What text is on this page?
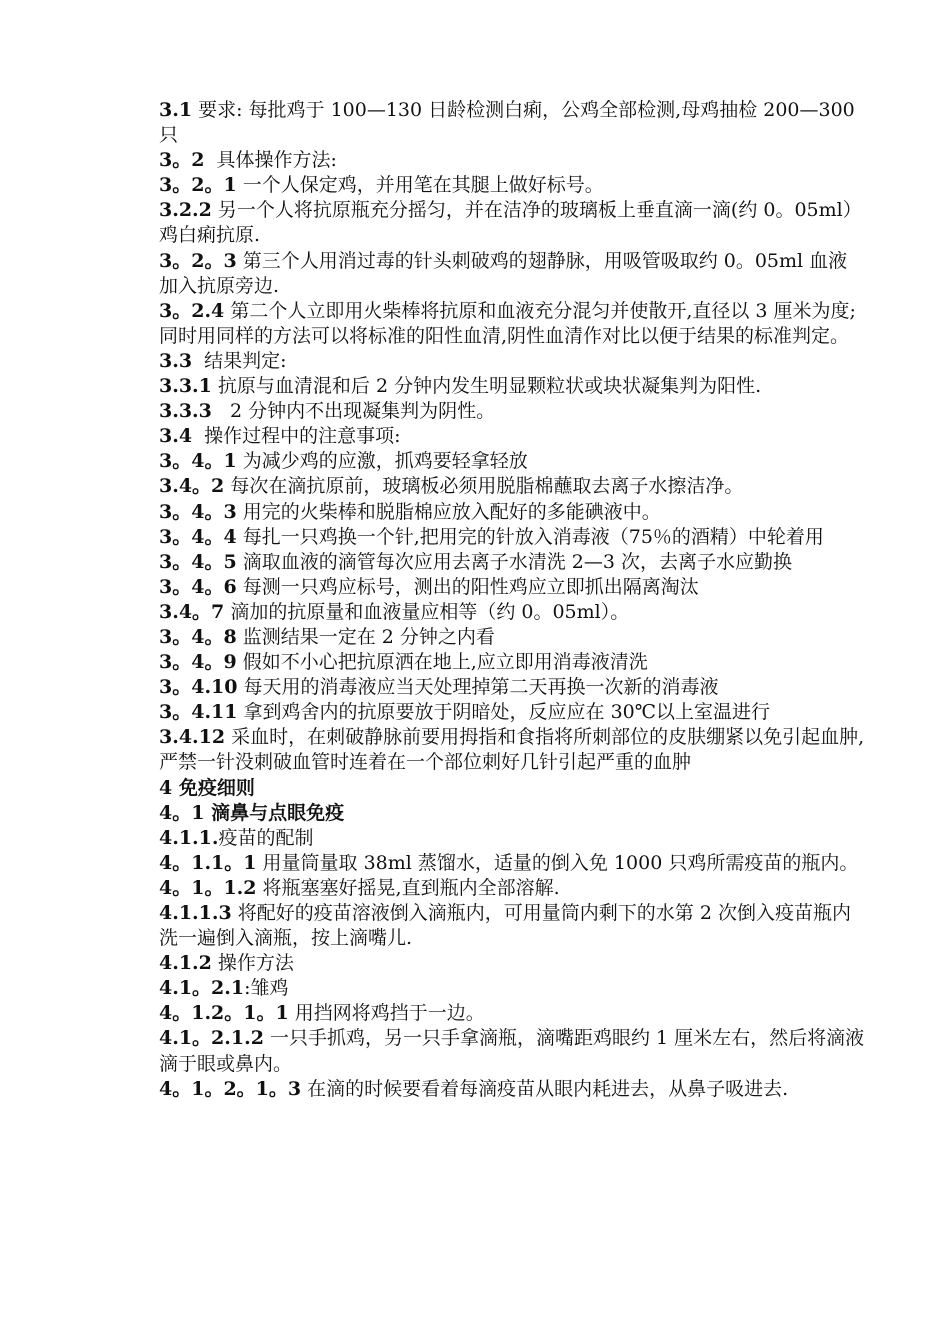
3.1 要求: 每批鸡于 100—130 日龄检测白痢，公鸡全部检测,母鸡抽检 200—300 只
3。2  具体操作方法:
3。2。1 一个人保定鸡，并用笔在其腿上做好标号。
3.2.2 另一个人将抗原瓶充分摇匀，并在洁净的玻璃板上垂直滴一滴(约 0。05ml）鸡白痢抗原.
3。2。3 第三个人用消过毒的针头刺破鸡的翅静脉，用吸管吸取约 0。05ml 血液加入抗原旁边.
3。2.4 第二个人立即用火柴棒将抗原和血液充分混匀并使散开,直径以 3 厘米为度;同时用同样的方法可以将标准的阳性血清,阴性血清作对比以便于结果的标准判定。
3.3  结果判定:
3.3.1 抗原与血清混和后 2 分钟内发生明显颗粒状或块状凝集判为阳性.
3.3.3   2 分钟内不出现凝集判为阴性。
3.4  操作过程中的注意事项:
3。4。1 为减少鸡的应激，抓鸡要轻拿轻放
3.4。2 每次在滴抗原前，玻璃板必须用脱脂棉蘸取去离子水擦洁净。
3。4。3 用完的火柴棒和脱脂棉应放入配好的多能碘液中。
3。4。4 每扎一只鸡换一个针,把用完的针放入消毒液（75％的酒精）中轮着用
3。4。5 滴取血液的滴管每次应用去离子水清洗 2—3 次，去离子水应勤换
3。4。6 每测一只鸡应标号，测出的阳性鸡应立即抓出隔离淘汰
3.4。7 滴加的抗原量和血液量应相等（约 0。05ml）。
3。4。8 监测结果一定在 2 分钟之内看
3。4。9 假如不小心把抗原洒在地上,应立即用消毒液清洗
3。4.10 每天用的消毒液应当天处理掉第二天再换一次新的消毒液
3。4.11 拿到鸡舍内的抗原要放于阴暗处，反应应在 30℃以上室温进行
3.4.12 采血时，在刺破静脉前要用拇指和食指将所刺部位的皮肤绷紧以免引起血肿,严禁一针没刺破血管时连着在一个部位刺好几针引起严重的血肿
4 免疫细则
4。1 滴鼻与点眼免疫
4.1.1.疫苗的配制
4。1.1。1 用量筒量取 38ml 蒸馏水，适量的倒入免 1000 只鸡所需疫苗的瓶内。
4。1。1.2 将瓶塞塞好摇晃,直到瓶内全部溶解.
4.1.1.3 将配好的疫苗溶液倒入滴瓶内，可用量筒内剩下的水第 2 次倒入疫苗瓶内洗一遍倒入滴瓶，按上滴嘴儿.
4.1.2 操作方法
4.1。2.1:雏鸡
4。1.2。1。1 用挡网将鸡挡于一边。
4.1。2.1.2 一只手抓鸡，另一只手拿滴瓶，滴嘴距鸡眼约 1 厘米左右，然后将滴液滴于眼或鼻内。
4。1。2。1。3 在滴的时候要看着每滴疫苗从眼内耗进去，从鼻子吸进去.
